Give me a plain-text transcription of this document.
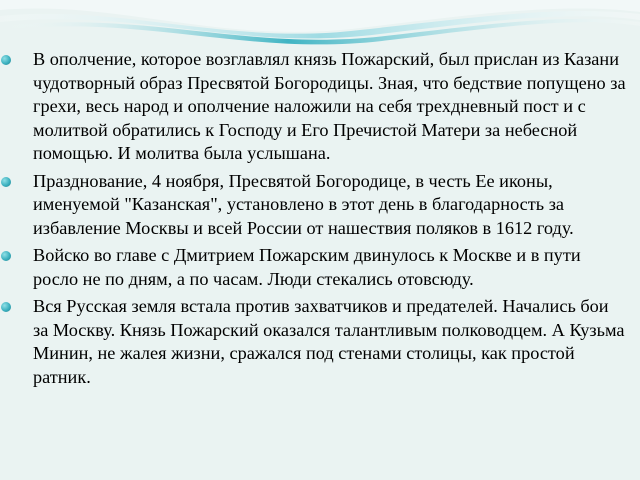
В ополчение, которое возглавлял князь Пожарский, был прислан из Казани чудотворный образ Пресвятой Богородицы. Зная, что бедствие попущено за грехи, весь народ и ополчение наложили на себя трехдневный пост и с молитвой обратились к Господу и Его Пречистой Матери за небесной помощью. И молитва была услышана.
Празднование, 4 ноября, Пресвятой Богородице, в честь Ее иконы, именуемой "Казанская", установлено в этот день в благодарность за избавление Москвы и всей России от нашествия поляков в 1612 году.
Войско во главе с Дмитрием Пожарским двинулось к Москве и в пути росло не по дням, а по часам. Люди стекались отовсюду.
Вся Русская земля встала против захватчиков и предателей. Начались бои за Москву. Князь Пожарский оказался талантливым полководцем. А Кузьма Минин, не жалея жизни, сражался под стенами столицы, как простой ратник.
